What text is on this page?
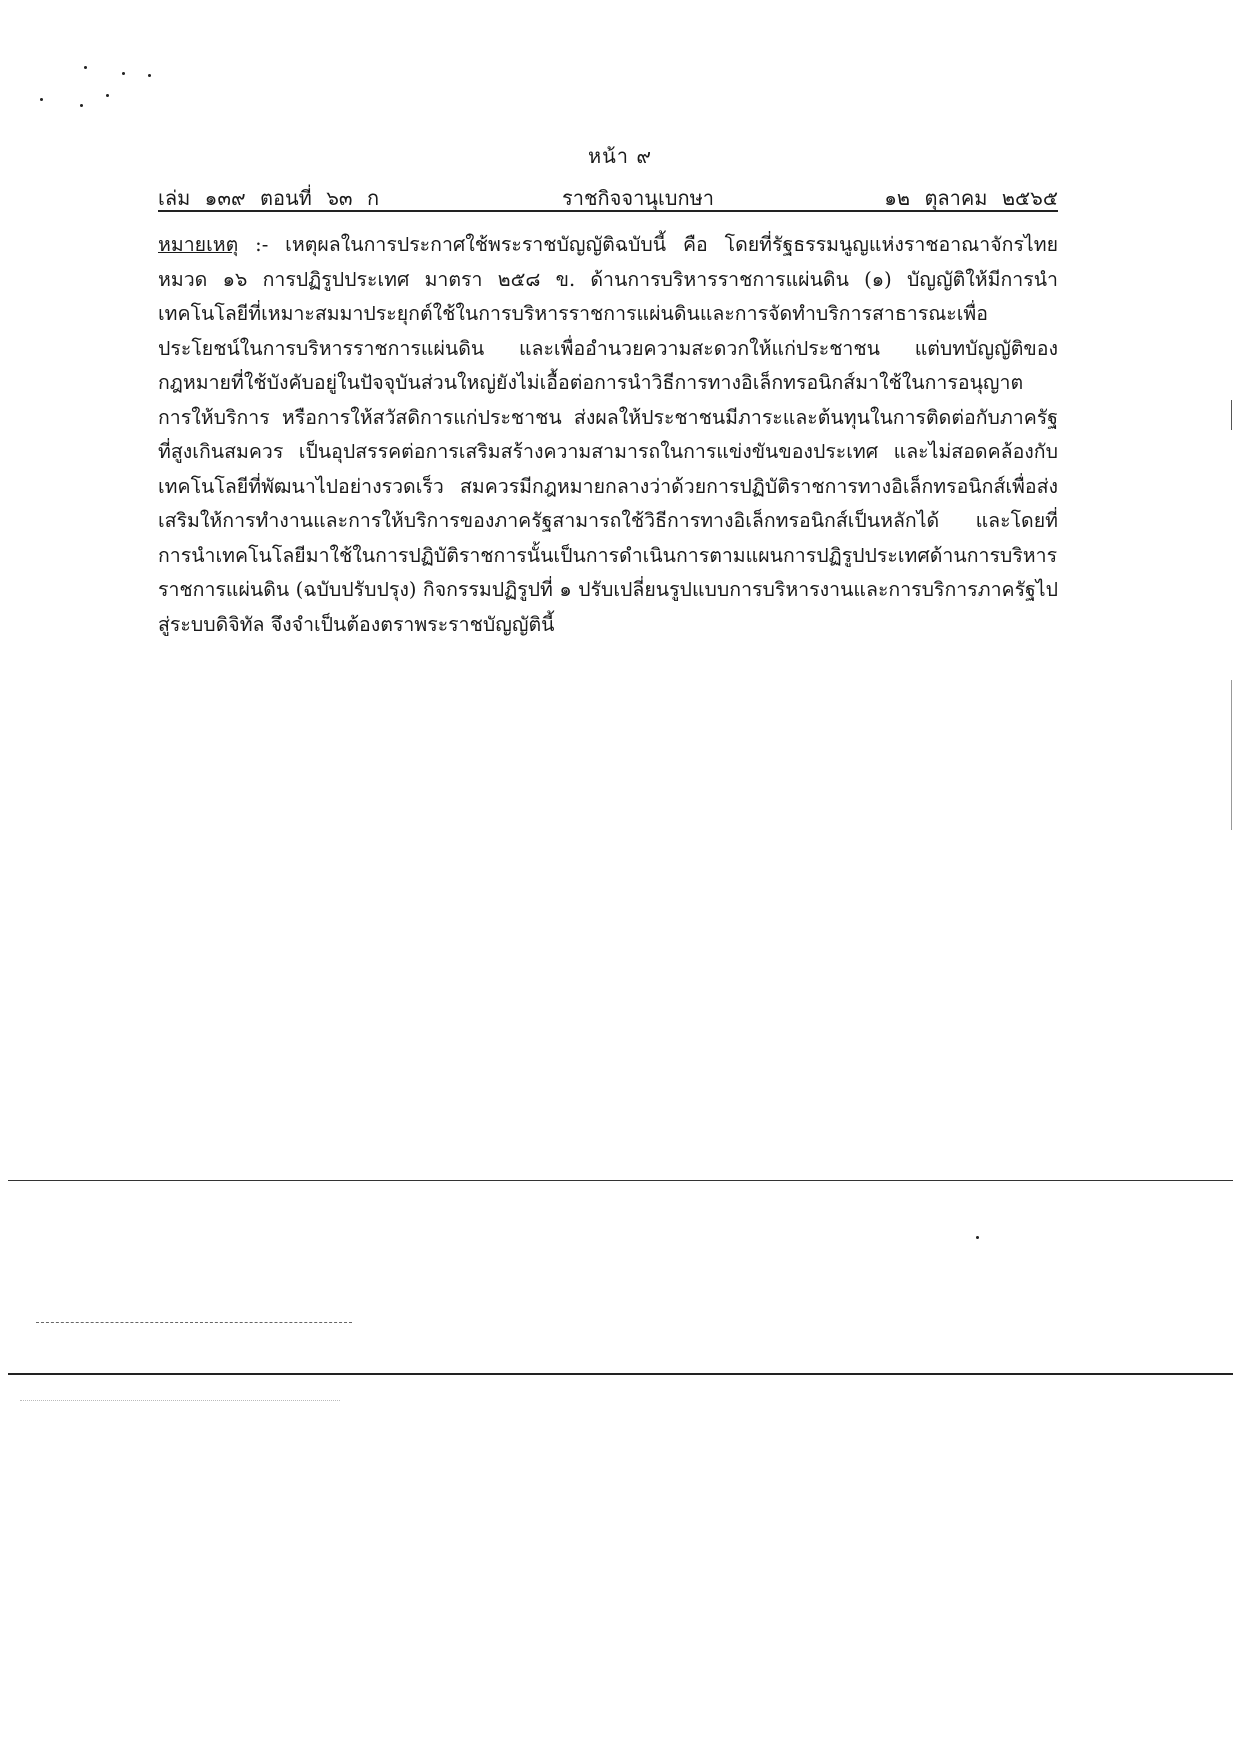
หน้า ๙
เล่ม ๑๓๙ ตอนที่ ๖๓ ก	ราชกิจจานุเบกษา	๑๒ ตุลาคม ๒๕๖๕
หมายเหตุ :- เหตุผลในการประกาศใช้พระราชบัญญัติฉบับนี้ คือ โดยที่รัฐธรรมนูญแห่งราชอาณาจักรไทย หมวด ๑๖ การปฏิรูปประเทศ มาตรา ๒๕๘ ข. ด้านการบริหารราชการแผ่นดิน (๑) บัญญัติให้มีการนำเทคโนโลยีที่เหมาะสมมาประยุกต์ใช้ในการบริหารราชการแผ่นดินและการจัดทำบริการสาธารณะเพื่อประโยชน์ในการบริหารราชการแผ่นดิน และเพื่ออำนวยความสะดวกให้แก่ประชาชน แต่บทบัญญัติของกฎหมายที่ใช้บังคับอยู่ในปัจจุบันส่วนใหญ่ยังไม่เอื้อต่อการนำวิธีการทางอิเล็กทรอนิกส์มาใช้ในการอนุญาต การให้บริการ หรือการให้สวัสดิการแก่ประชาชน ส่งผลให้ประชาชนมีภาระและต้นทุนในการติดต่อกับภาครัฐที่สูงเกินสมควร เป็นอุปสรรคต่อการเสริมสร้างความสามารถในการแข่งขันของประเทศ และไม่สอดคล้องกับเทคโนโลยีที่พัฒนาไปอย่างรวดเร็ว สมควรมีกฎหมายกลางว่าด้วยการปฏิบัติราชการทางอิเล็กทรอนิกส์เพื่อส่งเสริมให้การทำงานและการให้บริการของภาครัฐสามารถใช้วิธีการทางอิเล็กทรอนิกส์เป็นหลักได้ และโดยที่การนำเทคโนโลยีมาใช้ในการปฏิบัติราชการนั้นเป็นการดำเนินการตามแผนการปฏิรูปประเทศด้านการบริหารราชการแผ่นดิน (ฉบับปรับปรุง) กิจกรรมปฏิรูปที่ ๑ ปรับเปลี่ยนรูปแบบการบริหารงานและการบริการภาครัฐไปสู่ระบบดิจิทัล จึงจำเป็นต้องตราพระราชบัญญัตินี้
